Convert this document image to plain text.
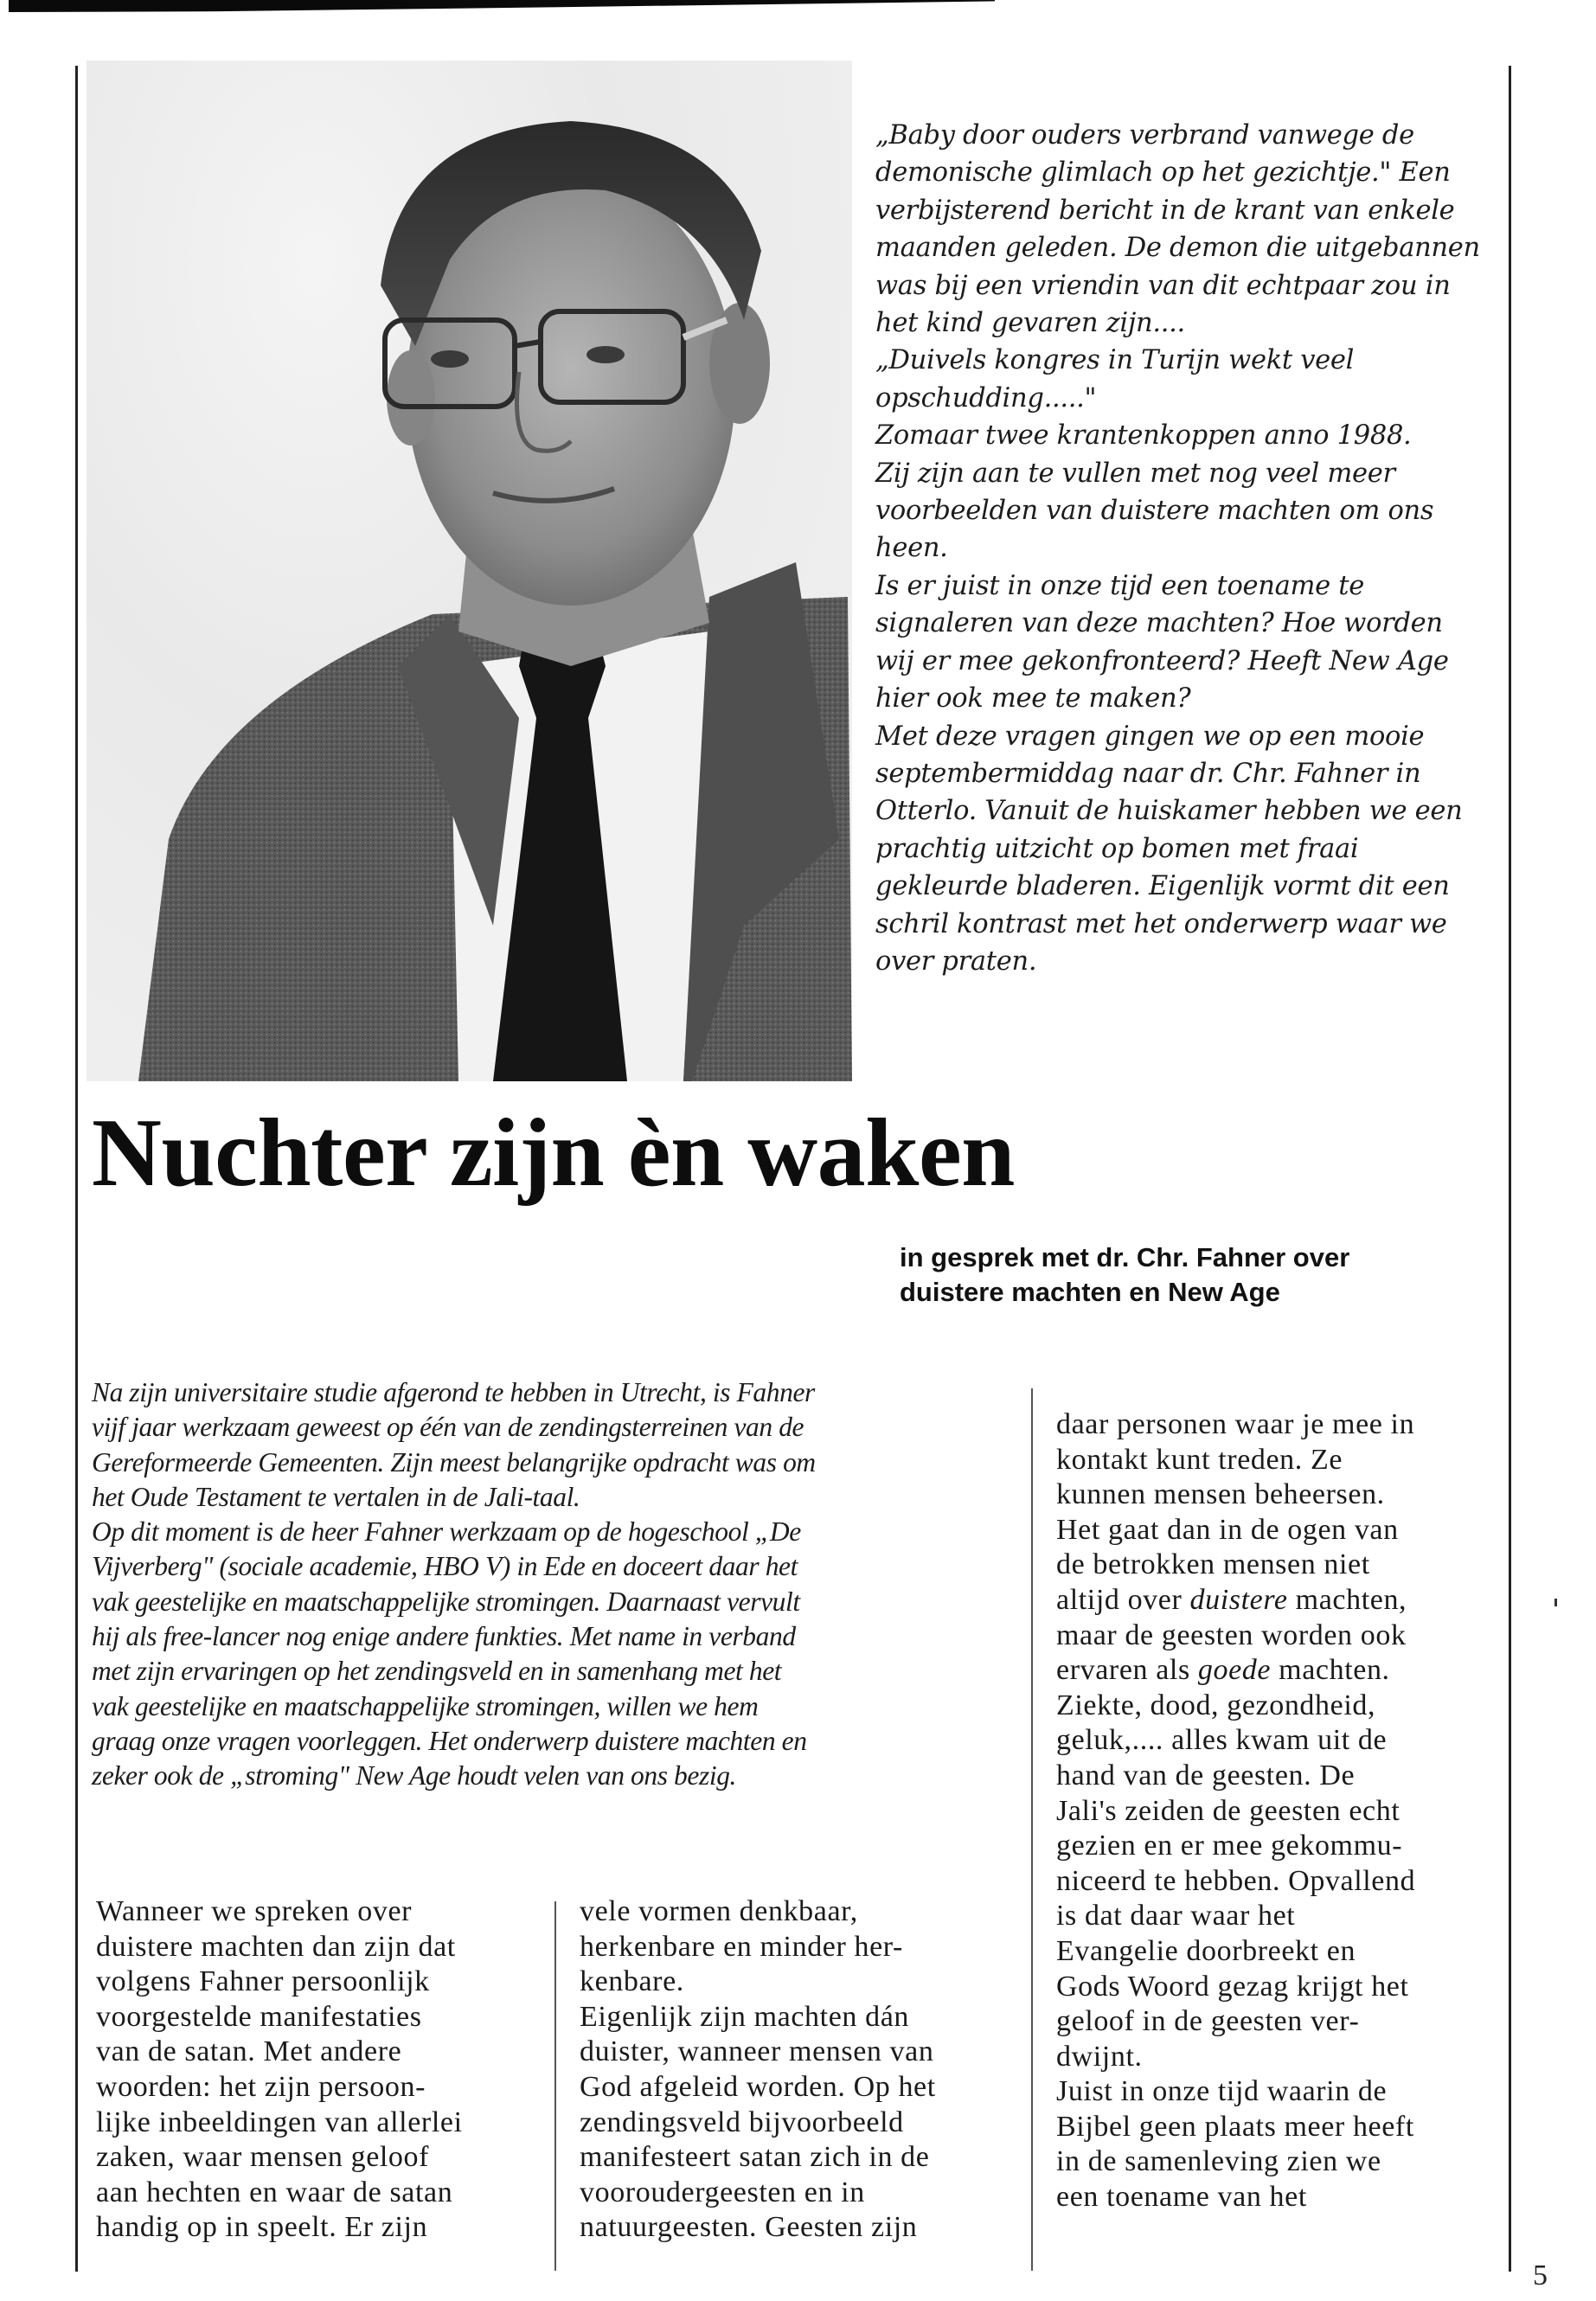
„Baby door ouders verbrand vanwege de

demonische glimlach op het gezichtje." Een

verbijsterend bericht in de krant van enkele

maanden geleden. De demon die uitgebannen

was bij een vriendin van dit echtpaar zou in

het kind gevaren zijn....

„Duivels kongres in Turijn wekt veel

opschudding....."

Zomaar twee krantenkoppen anno 1988.

Zij zijn aan te vullen met nog veel meer

voorbeelden van duistere machten om ons

heen.

Is er juist in onze tijd een toename te

signaleren van deze machten? Hoe worden

wij er mee gekonfronteerd? Heeft New Age

hier ook mee te maken?

Met deze vragen gingen we op een mooie

septembermiddag naar dr. Chr. Fahner in

Otterlo. Vanuit de huiskamer hebben we een

prachtig uitzicht op bomen met fraai

gekleurde bladeren. Eigenlijk vormt dit een

schril kontrast met het onderwerp waar we

over praten.

Nuchter zijn èn waken
in gesprek met dr. Chr. Fahner over
duistere machten en New Age

Na zijn universitaire studie afgerond te hebben in Utrecht, is Fahner

vijf jaar werkzaam geweest op één van de zendingsterreinen van de

Gereformeerde Gemeenten. Zijn meest belangrijke opdracht was om

het Oude Testament te vertalen in de Jali-taal.

Op dit moment is de heer Fahner werkzaam op de hogeschool „De

Vijverberg" (sociale academie, HBO V) in Ede en doceert daar het

vak geestelijke en maatschappelijke stromingen. Daarnaast vervult

hij als free-lancer nog enige andere funkties. Met name in verband

met zijn ervaringen op het zendingsveld en in samenhang met het

vak geestelijke en maatschappelijke stromingen, willen we hem

graag onze vragen voorleggen. Het onderwerp duistere machten en

zeker ook de „stroming" New Age houdt velen van ons bezig.

Wanneer we spreken over
duistere machten dan zijn dat
volgens Fahner persoonlijk
voorgestelde manifestaties
van de satan. Met andere
woorden: het zijn persoon-
lijke inbeeldingen van allerlei
zaken, waar mensen geloof
aan hechten en waar de satan
handig op in speelt. Er zijn
vele vormen denkbaar,
herkenbare en minder her-
kenbare.
Eigenlijk zijn machten dán
duister, wanneer mensen van
God afgeleid worden. Op het
zendingsveld bijvoorbeeld
manifesteert satan zich in de
vooroudergeesten en in
natuurgeesten. Geesten zijn
daar personen waar je mee in
kontakt kunt treden. Ze
kunnen mensen beheersen.
Het gaat dan in de ogen van
de betrokken mensen niet
altijd over duistere machten,
maar de geesten worden ook
ervaren als goede machten.
Ziekte, dood, gezondheid,
geluk,.... alles kwam uit de
hand van de geesten. De
Jali's zeiden de geesten echt
gezien en er mee gekommu-
niceerd te hebben. Opvallend
is dat daar waar het
Evangelie doorbreekt en
Gods Woord gezag krijgt het
geloof in de geesten ver-
dwijnt.
Juist in onze tijd waarin de
Bijbel geen plaats meer heeft
in de samenleving zien we
een toename van het
5
